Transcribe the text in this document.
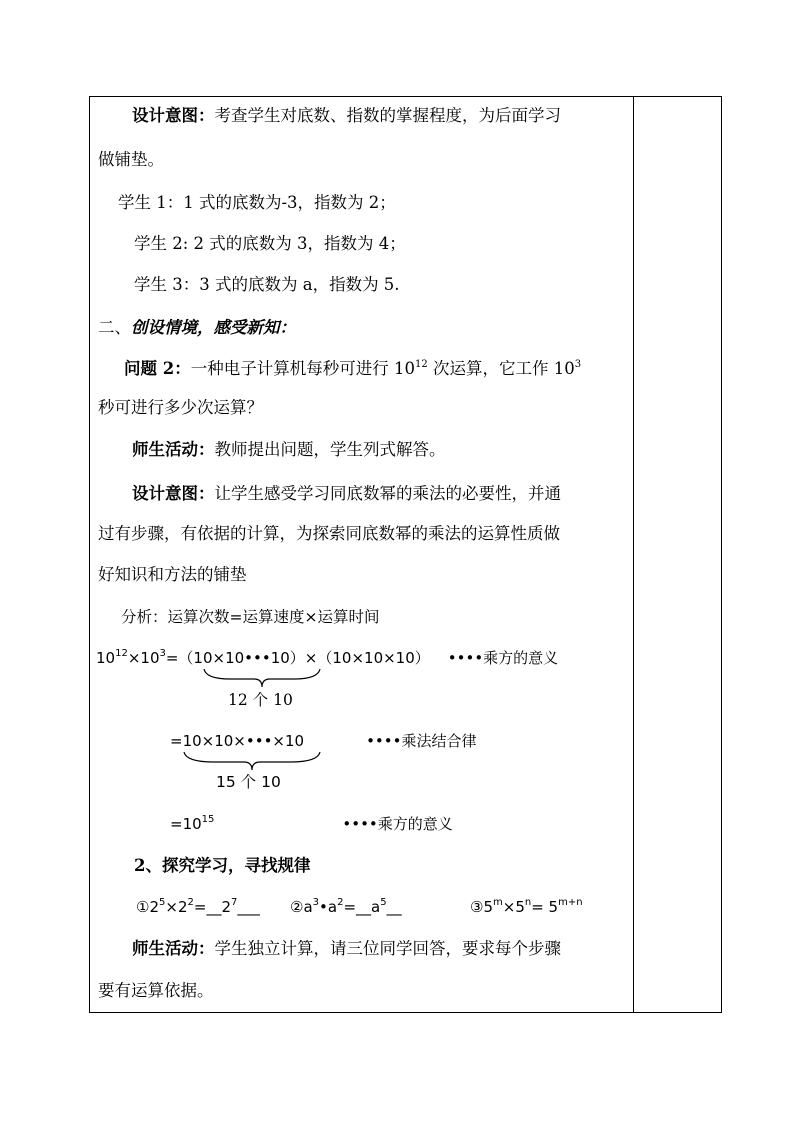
设计意图：考查学生对底数、指数的掌握程度，为后面学习
做铺垫。
学生 1：1 式的底数为-3，指数为 2；
学生 2: 2 式的底数为 3，指数为 4；
学生 3：3 式的底数为 a，指数为 5.
二、创设情境，感受新知：
问题 2：一种电子计算机每秒可进行 $10^{12}$ 次运算，它工作 $10^3$
秒可进行多少次运算？
师生活动：教师提出问题，学生列式解答。
设计意图：让学生感受学习同底数幂的乘法的必要性，并通
过有步骤，有依据的计算，为探索同底数幂的乘法的运算性质做
好知识和方法的铺垫
分析：运算次数=运算速度×运算时间
$10^{12}\times 10^3=(10\times 10•••10)\times(10\times 10\times 10)$ ••••乘方的意义
12 个 10
=10×10×•••×10	••••乘法结合律
15 个 10
$=10^{15}$	••••乘方的意义
2、探究学习，寻找规律
$①2^5\times 2^2=\_\_2^7\_\_\_$ $②a^3•a^2=\_\_a^5\_\_$	$③5^m\times 5^n= 5^{m+n}$
师生活动：学生独立计算，请三位同学回答，要求每个步骤
要有运算依据。
